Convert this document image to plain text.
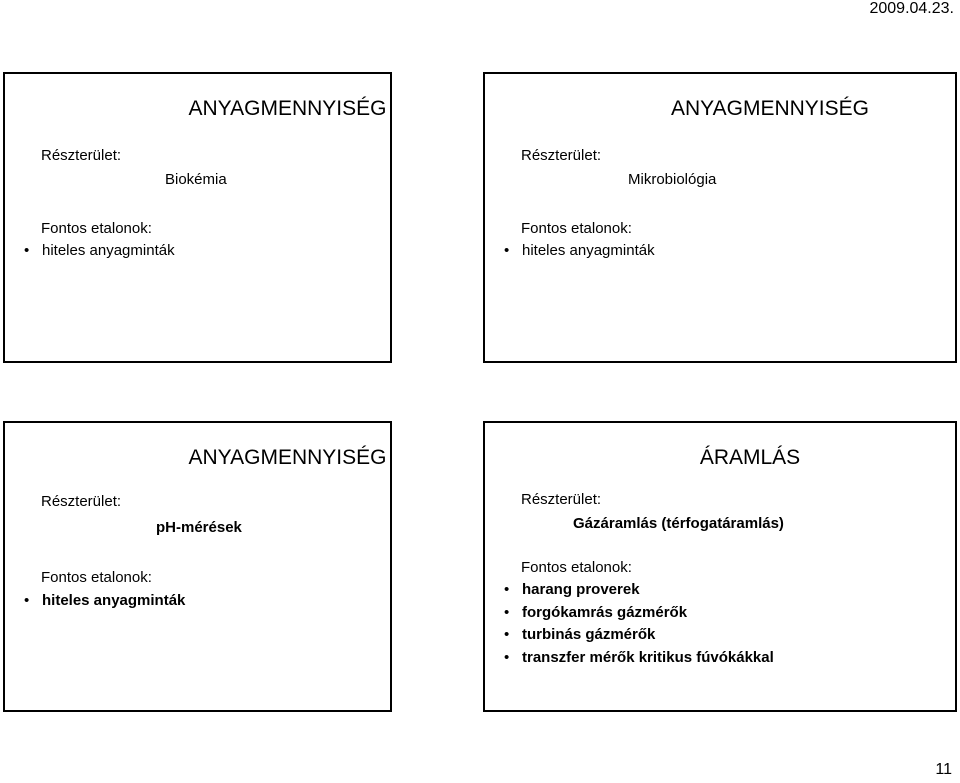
2009.04.23.
ANYAGMENNYISÉG
Részterület:
Biokémia
Fontos etalonok:
• hiteles anyagminták
ANYAGMENNYISÉG
Részterület:
Mikrobiológia
Fontos etalonok:
• hiteles anyagminták
ANYAGMENNYISÉG
Részterület:
pH-mérések
Fontos etalonok:
• hiteles anyagminták
ÁRAMLÁS
Részterület:
Gázáramlás (térfogatáramlás)
Fontos etalonok:
• harang proverek
• forgókamrás gázmérők
• turbinás gázmérők
• transzfer mérők kritikus fúvókákkal
11
